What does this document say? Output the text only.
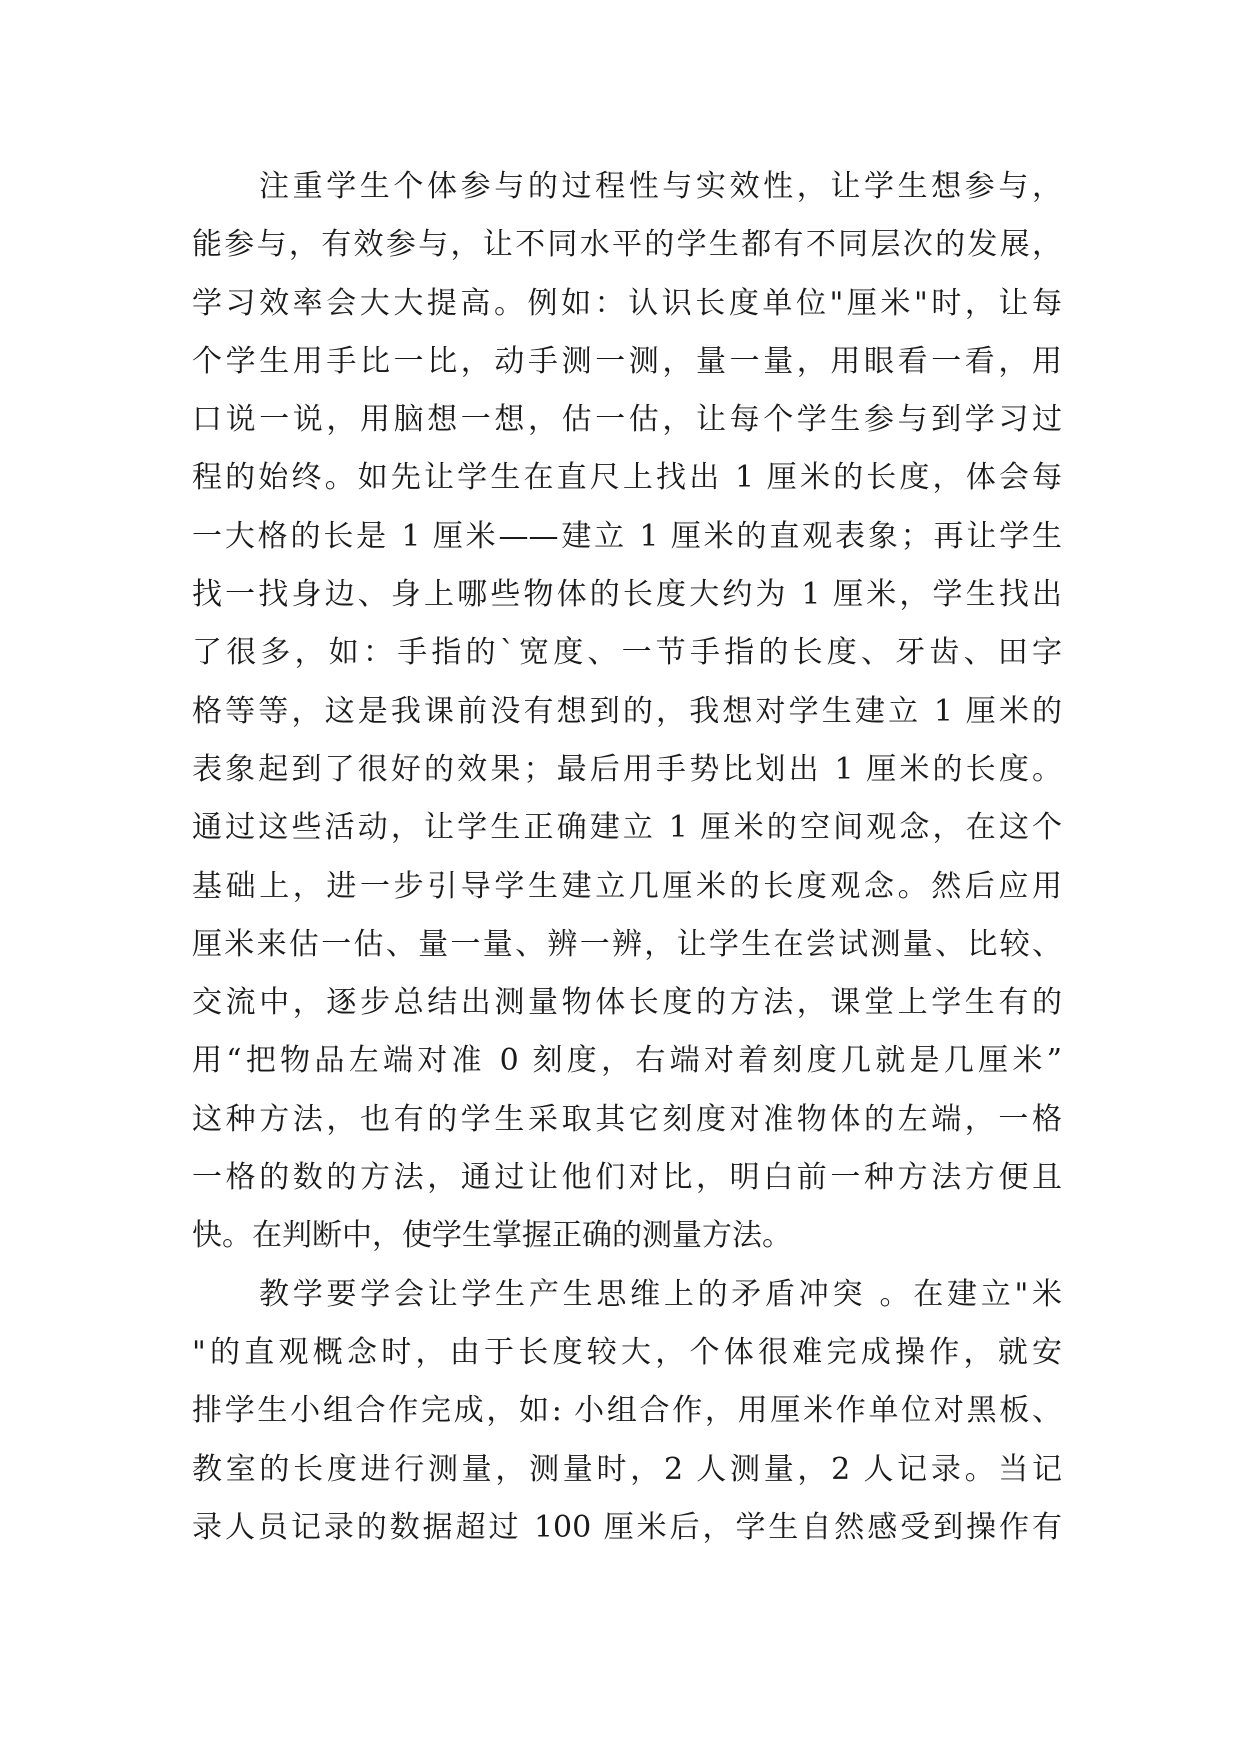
注重学生个体参与的过程性与实效性，让学生想参与，
能参与，有效参与，让不同水平的学生都有不同层次的发展，
学习效率会大大提高。例如：认识长度单位"厘米"时，让每
个学生用手比一比，动手测一测，量一量，用眼看一看，用
口说一说，用脑想一想，估一估，让每个学生参与到学习过
程的始终。如先让学生在直尺上找出 1 厘米的长度，体会每
一大格的长是 1 厘米——建立 1 厘米的直观表象；再让学生
找一找身边、身上哪些物体的长度大约为 1 厘米，学生找出
了很多，如：手指的`宽度、一节手指的长度、牙齿、田字
格等等，这是我课前没有想到的，我想对学生建立 1 厘米的
表象起到了很好的效果；最后用手势比划出 1 厘米的长度。
通过这些活动，让学生正确建立 1 厘米的空间观念，在这个
基础上，进一步引导学生建立几厘米的长度观念。然后应用
厘米来估一估、量一量、辨一辨，让学生在尝试测量、比较、
交流中，逐步总结出测量物体长度的方法，课堂上学生有的
用“把物品左端对准 0 刻度，右端对着刻度几就是几厘米”
这种方法，也有的学生采取其它刻度对准物体的左端，一格
一格的数的方法，通过让他们对比，明白前一种方法方便且
快。在判断中，使学生掌握正确的测量方法。
教学要学会让学生产生思维上的矛盾冲突 。在建立"米
"的直观概念时，由于长度较大，个体很难完成操作，就安
排学生小组合作完成，如: 小组合作，用厘米作单位对黑板、
教室的长度进行测量，测量时，2 人测量，2 人记录。当记
录人员记录的数据超过 100 厘米后，学生自然感受到操作有
